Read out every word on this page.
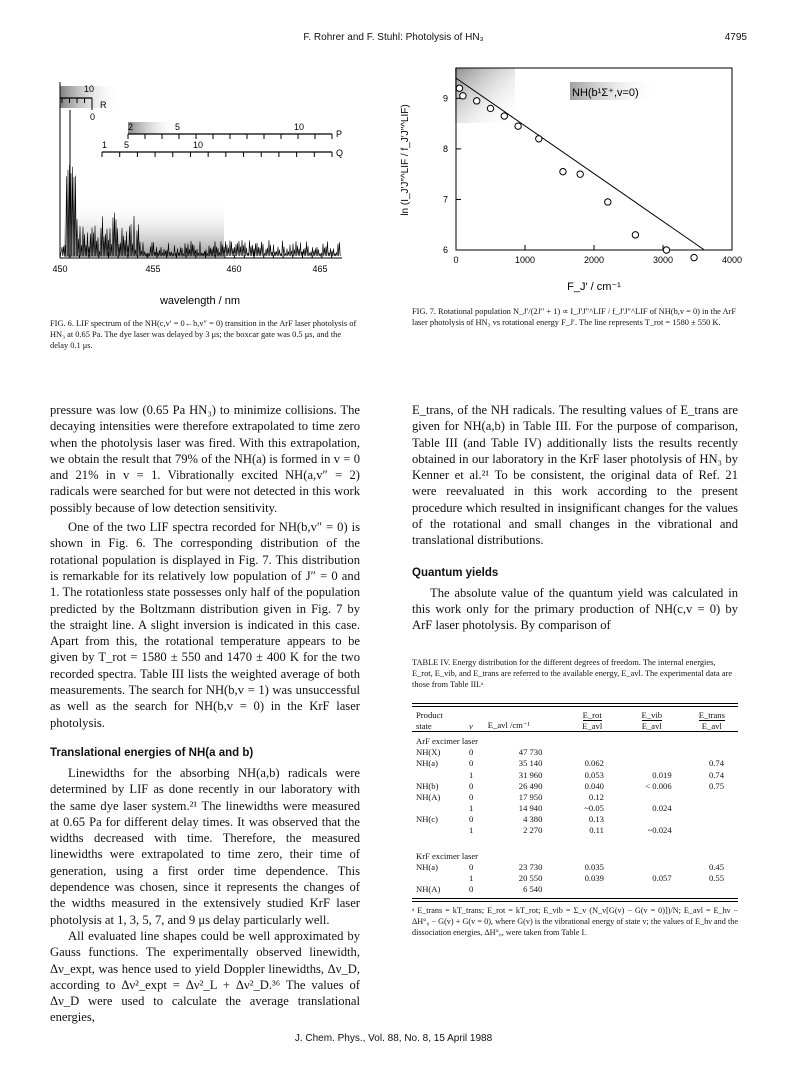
F. Rohrer and F. Stuhl: Photolysis of HN₃	4795
10
R
0
2	5	10
P
1 5	10
Q
450	455	460	465
wavelength / nm
FIG. 6. LIF spectrum of the NH(c,v′ = 0←b,v″ = 0) transition in the ArF laser photolysis of HN₃ at 0.65 Pa. The dye laser was delayed by 3 μs; the boxcar gate was 0.5 μs, and the delay 0.1 μs.
NH(b¹Σ⁺,v=0)
0	1000	2000	3000	4000
6
7
8
9
F_J′ / cm⁻¹
ln (I_J′J″^LIF / f_J′J″^LIF)
FIG. 7. Rotational population N_J′/(2J″ + 1) ∝ I_J′J″^LIF / f_J′J″^LIF of NH(b,v = 0) in the ArF laser photolysis of HN₃ vs rotational energy F_J′. The line represents T_rot = 1580 ± 550 K.

pressure was low (0.65 Pa HN₃) to minimize collisions. The decaying intensities were therefore extrapolated to time zero when the photolysis laser was fired. With this extrapolation, we obtain the result that 79% of the NH(a) is formed in v = 0 and 21% in v = 1. Vibrationally excited NH(a,v″ = 2) radicals were searched for but were not detected in this work possibly because of low detection sensitivity.

One of the two LIF spectra recorded for NH(b,v″ = 0) is shown in Fig. 6. The corresponding distribution of the rotational population is displayed in Fig. 7. This distribution is remarkable for its relatively low population of J″ = 0 and 1. The rotationless state possesses only half of the population predicted by the Boltzmann distribution given in Fig. 7 by the straight line. A slight inversion is indicated in this case. Apart from this, the rotational temperature appears to be given by T_rot = 1580 ± 550 and 1470 ± 400 K for the two recorded spectra. Table III lists the weighted average of both measurements. The search for NH(b,v = 1) was unsuccessful as well as the search for NH(b,v = 0) in the KrF laser photolysis.

Translational energies of NH(a and b)

Linewidths for the absorbing NH(a,b) radicals were determined by LIF as done recently in our laboratory with the same dye laser system.²¹ The linewidths were measured at 0.65 Pa for different delay times. It was observed that the widths decreased with time. Therefore, the measured linewidths were extrapolated to time zero, their time of generation, using a first order time dependence. This dependence was chosen, since it represents the changes of the widths measured in the extensively studied KrF laser photolysis at 1, 3, 5, 7, and 9 μs delay particularly well.

All evaluated line shapes could be well approximated by Gauss functions. The experimentally observed linewidth, Δν_expt, was hence used to yield Doppler linewidths, Δν_D, according to Δν²_expt = Δν²_L + Δν²_D.³⁶ The values of Δν_D were used to calculate the average translational energies,

E_trans, of the NH radicals. The resulting values of E_trans are given for NH(a,b) in Table III. For the purpose of comparison, Table III (and Table IV) additionally lists the results recently obtained in our laboratory in the KrF laser photolysis of HN₃ by Kenner et al.²¹ To be consistent, the original data of Ref. 21 were reevaluated in this work according to the present procedure which resulted in insignificant changes for the values of the rotational and small changes in the vibrational and translational distributions.

Quantum yields

The absolute value of the quantum yield was calculated in this work only for the primary production of NH(c,v = 0) by ArF laser photolysis. By comparison of

TABLE IV. Energy distribution for the different degrees of freedom. The internal energies, E_rot, E_vib, and E_trans are referred to the available energy, E_avl. The experimental data are those from Table III.ᵃ
Product			E_rot	E_vib	E_trans
state	v	E_avl /cm⁻¹	E_avl	E_avl	E_avl
ArF excimer laser					
NH(X)	0	47 730			
NH(a)	0	35 140	0.062		0.74
	1	31 960	0.053	0.019	0.74
NH(b)	0	26 490	0.040	< 0.006	0.75
NH(A)	0	17 950	0.12		
	1	14 940	~0.05	0.024	
NH(c)	0	4 380	0.13		
	1	2 270	0.11	~0.024	

KrF excimer laser					
NH(a)	0	23 730	0.035		0.45
	1	20 550	0.039	0.057	0.55
NH(A)	0	6 540			
ᵃ E_trans = kT_trans; E_rot = kT_rot; E_vib = Σ_v (N_v[G(v) − G(v = 0)])/N; E_avl = E_hν − ΔH°₀ − G(v) + G(v = 0), where G(v) is the vibrational energy of state v; the values of E_hν and the dissociation energies, ΔH°₀, were taken from Table I.
J. Chem. Phys., Vol. 88, No. 8, 15 April 1988
